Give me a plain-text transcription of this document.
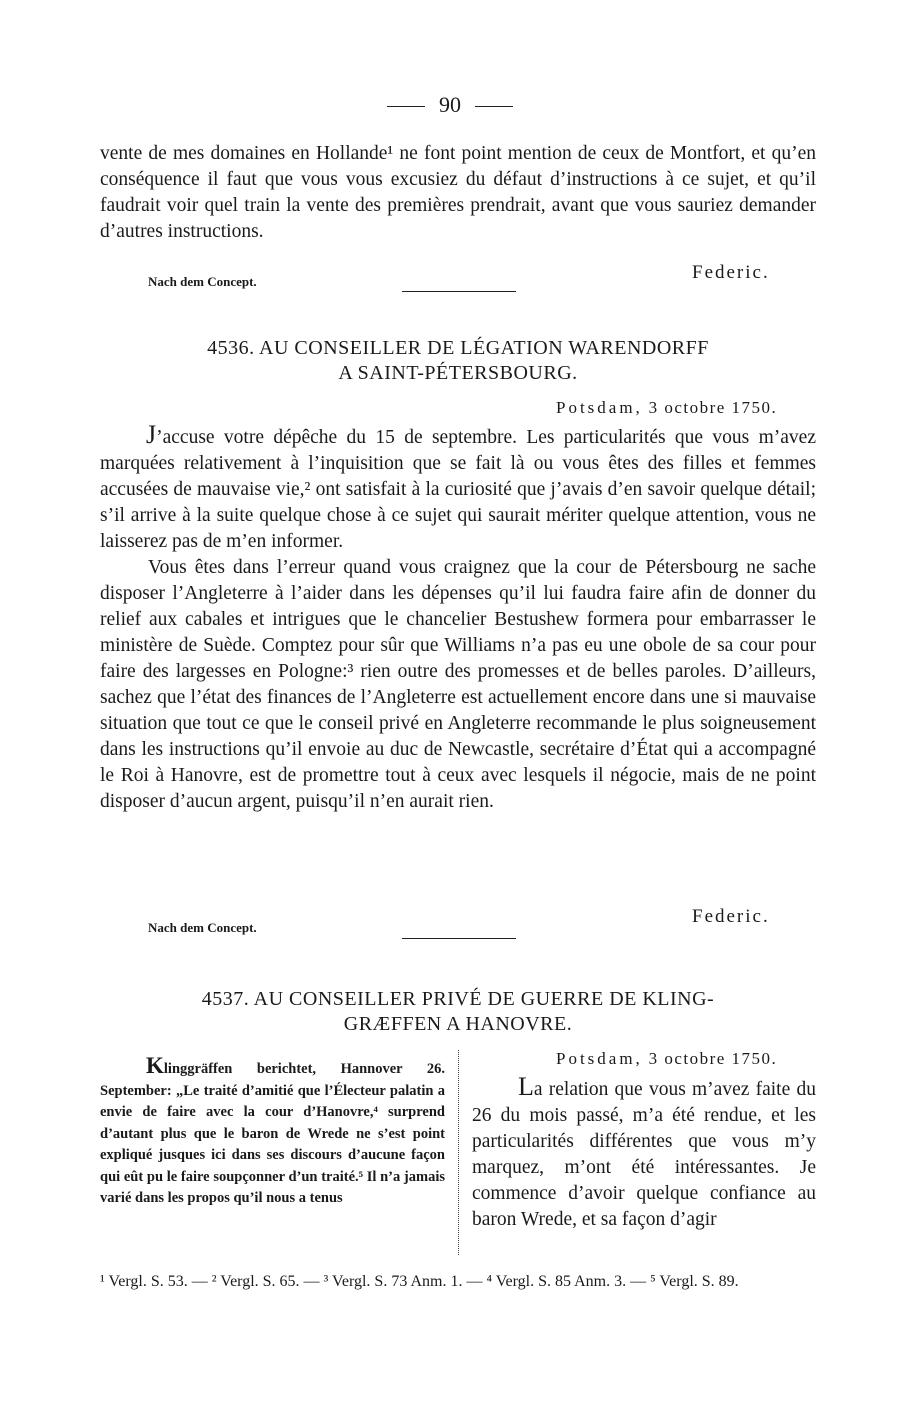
90

vente de mes domaines en Hollande¹ ne font point mention de ceux de Montfort, et qu’en conséquence il faut que vous vous excusiez du défaut d’instructions à ce sujet, et qu’il faudrait voir quel train la vente des premières prendrait, avant que vous sauriez demander d’autres instructions.

Nach dem Concept.	Federic.
4536. AU CONSEILLER DE LÉGATION WARENDORFF
A SAINT-PÉTERSBOURG.
Potsdam, 3 octobre 1750.

J’accuse votre dépêche du 15 de septembre. Les particularités que vous m’avez marquées relativement à l’inquisition que se fait là ou vous êtes des filles et femmes accusées de mauvaise vie,² ont satisfait à la curiosité que j’avais d’en savoir quelque détail; s’il arrive à la suite quelque chose à ce sujet qui saurait mériter quelque attention, vous ne laisserez pas de m’en informer.

Vous êtes dans l’erreur quand vous craignez que la cour de Pétersbourg ne sache disposer l’Angleterre à l’aider dans les dépenses qu’il lui faudra faire afin de donner du relief aux cabales et intrigues que le chancelier Bestushew formera pour embarrasser le ministère de Suède. Comptez pour sûr que Williams n’a pas eu une obole de sa cour pour faire des largesses en Pologne:³ rien outre des promesses et de belles paroles. D’ailleurs, sachez que l’état des finances de l’Angleterre est actuellement encore dans une si mauvaise situation que tout ce que le conseil privé en Angleterre recommande le plus soigneusement dans les instructions qu’il envoie au duc de Newcastle, secrétaire d’État qui a accompagné le Roi à Hanovre, est de promettre tout à ceux avec lesquels il négocie, mais de ne point disposer d’aucun argent, puisqu’il n’en aurait rien.

Nach dem Concept.
Federic.
4537. AU CONSEILLER PRIVÉ DE GUERRE DE KLING-
GRÆFFEN A HANOVRE.

Klinggräffen berichtet, Hannover 26. September: „Le traité d’amitié que l’Électeur palatin a envie de faire avec la cour d’Hanovre,⁴ surprend d’autant plus que le baron de Wrede ne s’est point expliqué jusques ici dans ses discours d’aucune façon qui eût pu le faire soupçonner d’un traité.⁵ Il n’a jamais varié dans les propos qu’il nous a tenus

Potsdam, 3 octobre 1750.

La relation que vous m’avez faite du 26 du mois passé, m’a été rendue, et les particularités différentes que vous m’y marquez, m’ont été intéressantes. Je commence d’avoir quelque confiance au baron Wrede, et sa façon d’agir

¹ Vergl. S. 53. — ² Vergl. S. 65. — ³ Vergl. S. 73 Anm. 1. — ⁴ Vergl. S. 85 Anm. 3. — ⁵ Vergl. S. 89.
